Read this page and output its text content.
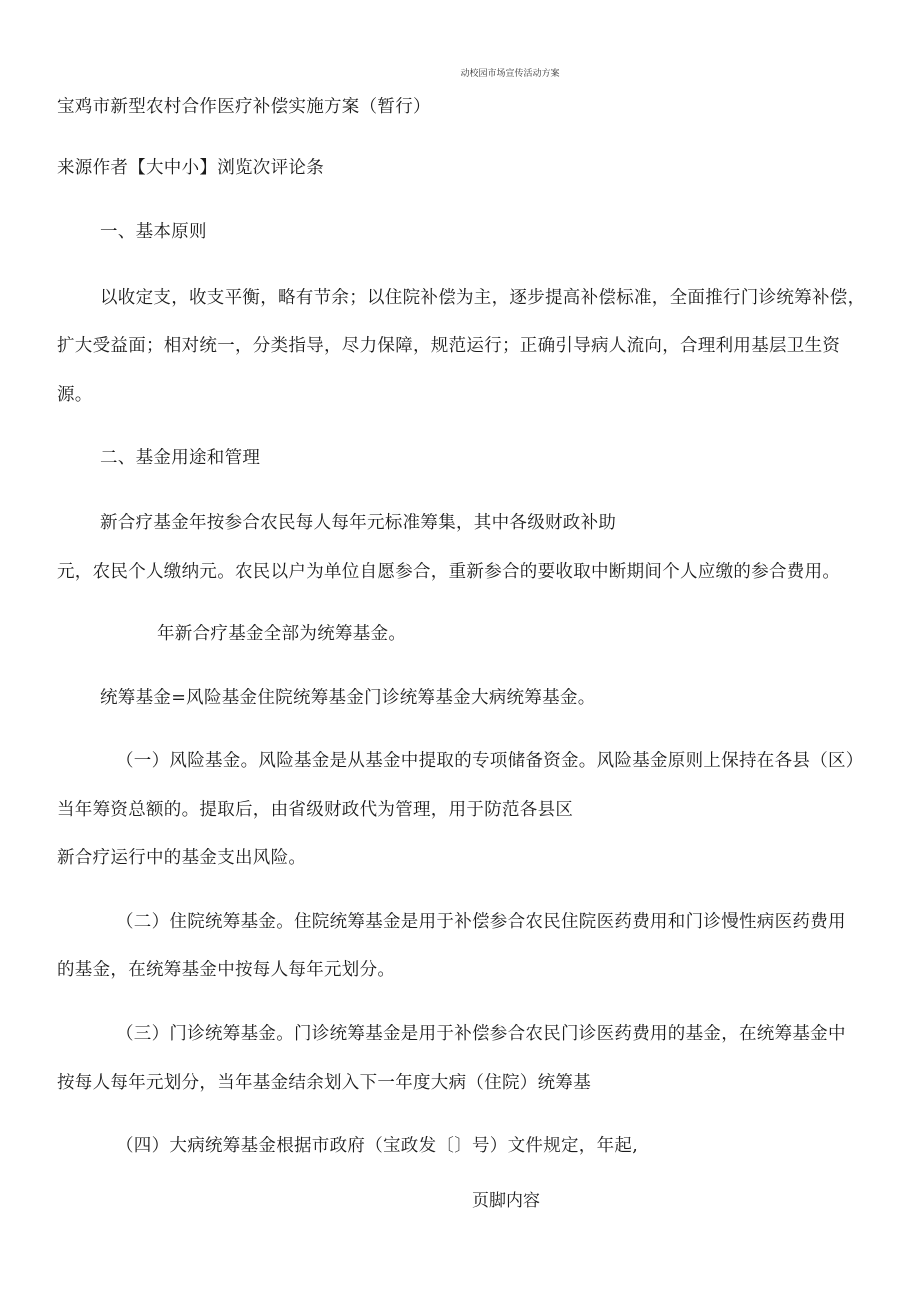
动校园市场宣传活动方案
宝鸡市新型农村合作医疗补偿实施方案（暂行）
来源作者【大中小】浏览次评论条
一、基本原则
以收定支，收支平衡，略有节余；以住院补偿为主，逐步提高补偿标准，全面推行门诊统筹补偿，
扩大受益面；相对统一，分类指导，尽力保障，规范运行；正确引导病人流向，合理利用基层卫生资
源。
二、基金用途和管理
新合疗基金年按参合农民每人每年元标准筹集，其中各级财政补助
元，农民个人缴纳元。农民以户为单位自愿参合，重新参合的要收取中断期间个人应缴的参合费用。
年新合疗基金全部为统筹基金。
统筹基金=风险基金住院统筹基金门诊统筹基金大病统筹基金。
（一）风险基金。风险基金是从基金中提取的专项储备资金。风险基金原则上保持在各县（区）
当年筹资总额的。提取后，由省级财政代为管理，用于防范各县区
新合疗运行中的基金支出风险。
（二）住院统筹基金。住院统筹基金是用于补偿参合农民住院医药费用和门诊慢性病医药费用
的基金，在统筹基金中按每人每年元划分。
（三）门诊统筹基金。门诊统筹基金是用于补偿参合农民门诊医药费用的基金，在统筹基金中
按每人每年元划分，当年基金结余划入下一年度大病（住院）统筹基
（四）大病统筹基金根据市政府（宝政发〔〕号）文件规定，年起,
页脚内容
